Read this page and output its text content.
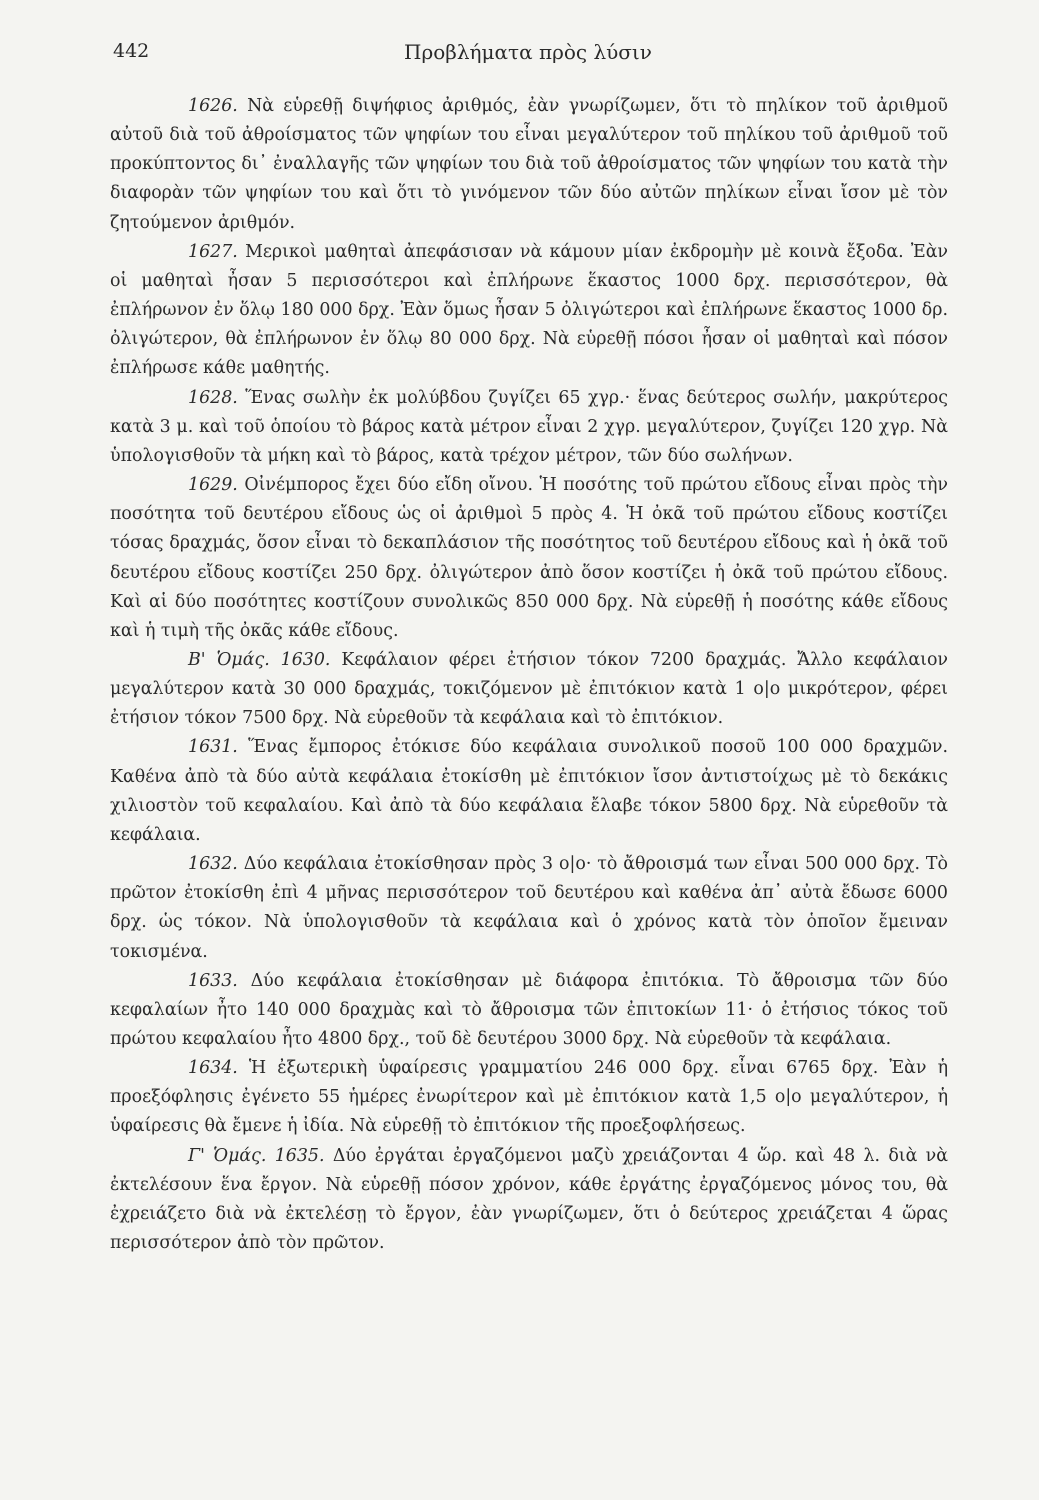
442	Προβλήματα πρὸς λύσιν

1626. Νὰ εὑρεθῇ διψήφιος ἀριθμός, ἐὰν γνωρίζωμεν, ὅτι τὸ πηλίκον τοῦ ἀριθμοῦ αὐτοῦ διὰ τοῦ ἀθροίσματος τῶν ψηφίων του εἶναι μεγαλύτερον τοῦ πηλίκου τοῦ ἀριθμοῦ τοῦ προκύπτοντος δι᾽ ἐναλλαγῆς τῶν ψηφίων του διὰ τοῦ ἀθροίσματος τῶν ψηφίων του κατὰ τὴν διαφορὰν τῶν ψηφίων του καὶ ὅτι τὸ γινόμενον τῶν δύο αὐτῶν πηλίκων εἶναι ἴσον μὲ τὸν ζητούμενον ἀριθμόν.

1627. Μερικοὶ μαθηταὶ ἀπεφάσισαν νὰ κάμουν μίαν ἐκδρομὴν μὲ κοινὰ ἔξοδα. Ἐὰν οἱ μαθηταὶ ἦσαν 5 περισσότεροι καὶ ἐπλήρωνε ἕκαστος 1000 δρχ. περισσότερον, θὰ ἐπλήρωνον ἐν ὅλῳ 180 000 δρχ. Ἐὰν ὅμως ἦσαν 5 ὀλιγώτεροι καὶ ἐπλήρωνε ἕκαστος 1000 δρ. ὀλιγώτερον, θὰ ἐπλήρωνον ἐν ὅλῳ 80 000 δρχ. Νὰ εὑρεθῇ πόσοι ἦσαν οἱ μαθηταὶ καὶ πόσον ἐπλήρωσε κάθε μαθητής.

1628. Ἕνας σωλὴν ἐκ μολύβδου ζυγίζει 65 χγρ.· ἕνας δεύτερος σωλήν, μακρύτερος κατὰ 3 μ. καὶ τοῦ ὁποίου τὸ βάρος κατὰ μέτρον εἶναι 2 χγρ. μεγαλύτερον, ζυγίζει 120 χγρ. Νὰ ὑπολογισθοῦν τὰ μήκη καὶ τὸ βάρος, κατὰ τρέχον μέτρον, τῶν δύο σωλήνων.

1629. Οἰνέμπορος ἔχει δύο εἴδη οἴνου. Ἡ ποσότης τοῦ πρώτου εἴδους εἶναι πρὸς τὴν ποσότητα τοῦ δευτέρου εἴδους ὡς οἱ ἀριθμοὶ 5 πρὸς 4. Ἡ ὀκᾶ τοῦ πρώτου εἴδους κοστίζει τόσας δραχμάς, ὅσον εἶναι τὸ δεκαπλάσιον τῆς ποσότητος τοῦ δευτέρου εἴδους καὶ ἡ ὀκᾶ τοῦ δευτέρου εἴδους κοστίζει 250 δρχ. ὀλιγώτερον ἀπὸ ὅσον κοστίζει ἡ ὀκᾶ τοῦ πρώτου εἴδους. Καὶ αἱ δύο ποσότητες κοστίζουν συνολικῶς 850 000 δρχ. Νὰ εὑρεθῇ ἡ ποσότης κάθε εἴδους καὶ ἡ τιμὴ τῆς ὀκᾶς κάθε εἴδους.

Β' Ὁμάς. 1630. Κεφάλαιον φέρει ἐτήσιον τόκον 7200 δραχμάς. Ἄλλο κεφάλαιον μεγαλύτερον κατὰ 30 000 δραχμάς, τοκιζόμενον μὲ ἐπιτόκιον κατὰ 1 ο|ο μικρότερον, φέρει ἐτήσιον τόκον 7500 δρχ. Νὰ εὑρεθοῦν τὰ κεφάλαια καὶ τὸ ἐπιτόκιον.

1631. Ἕνας ἔμπορος ἐτόκισε δύο κεφάλαια συνολικοῦ ποσοῦ 100 000 δραχμῶν. Καθένα ἀπὸ τὰ δύο αὐτὰ κεφάλαια ἐτοκίσθη μὲ ἐπιτόκιον ἴσον ἀντιστοίχως μὲ τὸ δεκάκις χιλιοστὸν τοῦ κεφαλαίου. Καὶ ἀπὸ τὰ δύο κεφάλαια ἔλαβε τόκον 5800 δρχ. Νὰ εὑρεθοῦν τὰ κεφάλαια.

1632. Δύο κεφάλαια ἐτοκίσθησαν πρὸς 3 ο|ο· τὸ ἄθροισμά των εἶναι 500 000 δρχ. Τὸ πρῶτον ἐτοκίσθη ἐπὶ 4 μῆνας περισσότερον τοῦ δευτέρου καὶ καθένα ἀπ᾽ αὐτὰ ἔδωσε 6000 δρχ. ὡς τόκον. Νὰ ὑπολογισθοῦν τὰ κεφάλαια καὶ ὁ χρόνος κατὰ τὸν ὁποῖον ἔμειναν τοκισμένα.

1633. Δύο κεφάλαια ἐτοκίσθησαν μὲ διάφορα ἐπιτόκια. Τὸ ἄθροισμα τῶν δύο κεφαλαίων ἦτο 140 000 δραχμὰς καὶ τὸ ἄθροισμα τῶν ἐπιτοκίων 11· ὁ ἐτήσιος τόκος τοῦ πρώτου κεφαλαίου ἦτο 4800 δρχ., τοῦ δὲ δευτέρου 3000 δρχ. Νὰ εὑρεθοῦν τὰ κεφάλαια.

1634. Ἡ ἐξωτερικὴ ὑφαίρεσις γραμματίου 246 000 δρχ. εἶναι 6765 δρχ. Ἐὰν ἡ προεξόφλησις ἐγένετο 55 ἡμέρες ἐνωρίτερον καὶ μὲ ἐπιτόκιον κατὰ 1,5 ο|ο μεγαλύτερον, ἡ ὑφαίρεσις θὰ ἔμενε ἡ ἰδία. Νὰ εὑρεθῇ τὸ ἐπιτόκιον τῆς προεξοφλήσεως.

Γ' Ὁμάς. 1635. Δύο ἐργάται ἐργαζόμενοι μαζὺ χρειάζονται 4 ὥρ. καὶ 48 λ. διὰ νὰ ἐκτελέσουν ἕνα ἔργον. Νὰ εὑρεθῇ πόσον χρόνον, κάθε ἐργάτης ἐργαζόμενος μόνος του, θὰ ἐχρειάζετο διὰ νὰ ἐκτελέσῃ τὸ ἔργον, ἐὰν γνωρίζωμεν, ὅτι ὁ δεύτερος χρειάζεται 4 ὥρας περισσότερον ἀπὸ τὸν πρῶτον.
